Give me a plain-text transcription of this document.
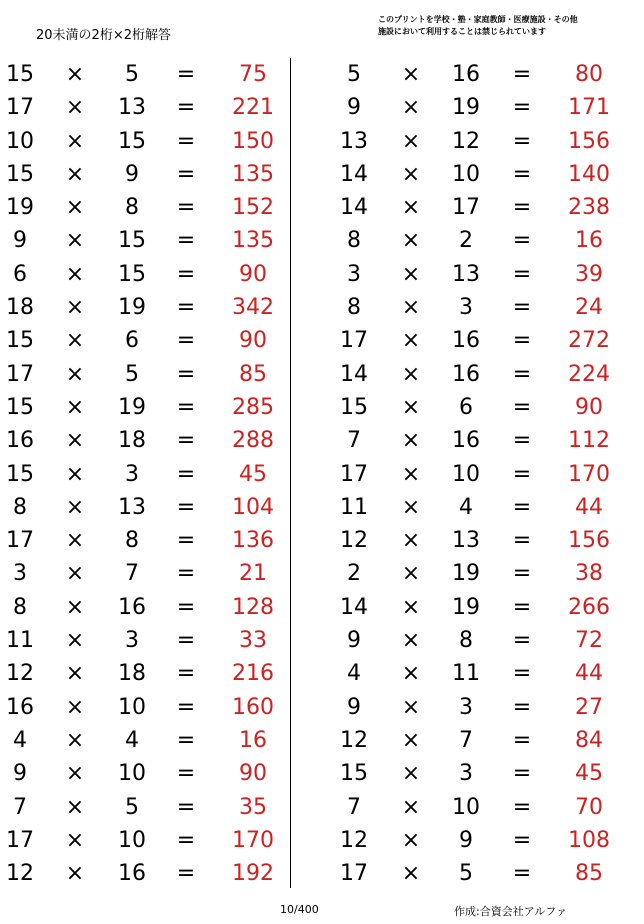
20未満の2桁×2桁解答
このプリントを学校・塾・家庭教師・医療施設・その他
施設において利用することは禁じられています
15	×	5	=	75
17	×	13	=	221
10	×	15	=	150
15	×	9	=	135
19	×	8	=	152
9	×	15	=	135
6	×	15	=	90
18	×	19	=	342
15	×	6	=	90
17	×	5	=	85
15	×	19	=	285
16	×	18	=	288
15	×	3	=	45
8	×	13	=	104
17	×	8	=	136
3	×	7	=	21
8	×	16	=	128
11	×	3	=	33
12	×	18	=	216
16	×	10	=	160
4	×	4	=	16
9	×	10	=	90
7	×	5	=	35
17	×	10	=	170
12	×	16	=	192
5	×	16	=	80
9	×	19	=	171
13	×	12	=	156
14	×	10	=	140
14	×	17	=	238
8	×	2	=	16
3	×	13	=	39
8	×	3	=	24
17	×	16	=	272
14	×	16	=	224
15	×	6	=	90
7	×	16	=	112
17	×	10	=	170
11	×	4	=	44
12	×	13	=	156
2	×	19	=	38
14	×	19	=	266
9	×	8	=	72
4	×	11	=	44
9	×	3	=	27
12	×	7	=	84
15	×	3	=	45
7	×	10	=	70
12	×	9	=	108
17	×	5	=	85
10/400	作成:合資会社アルファ
